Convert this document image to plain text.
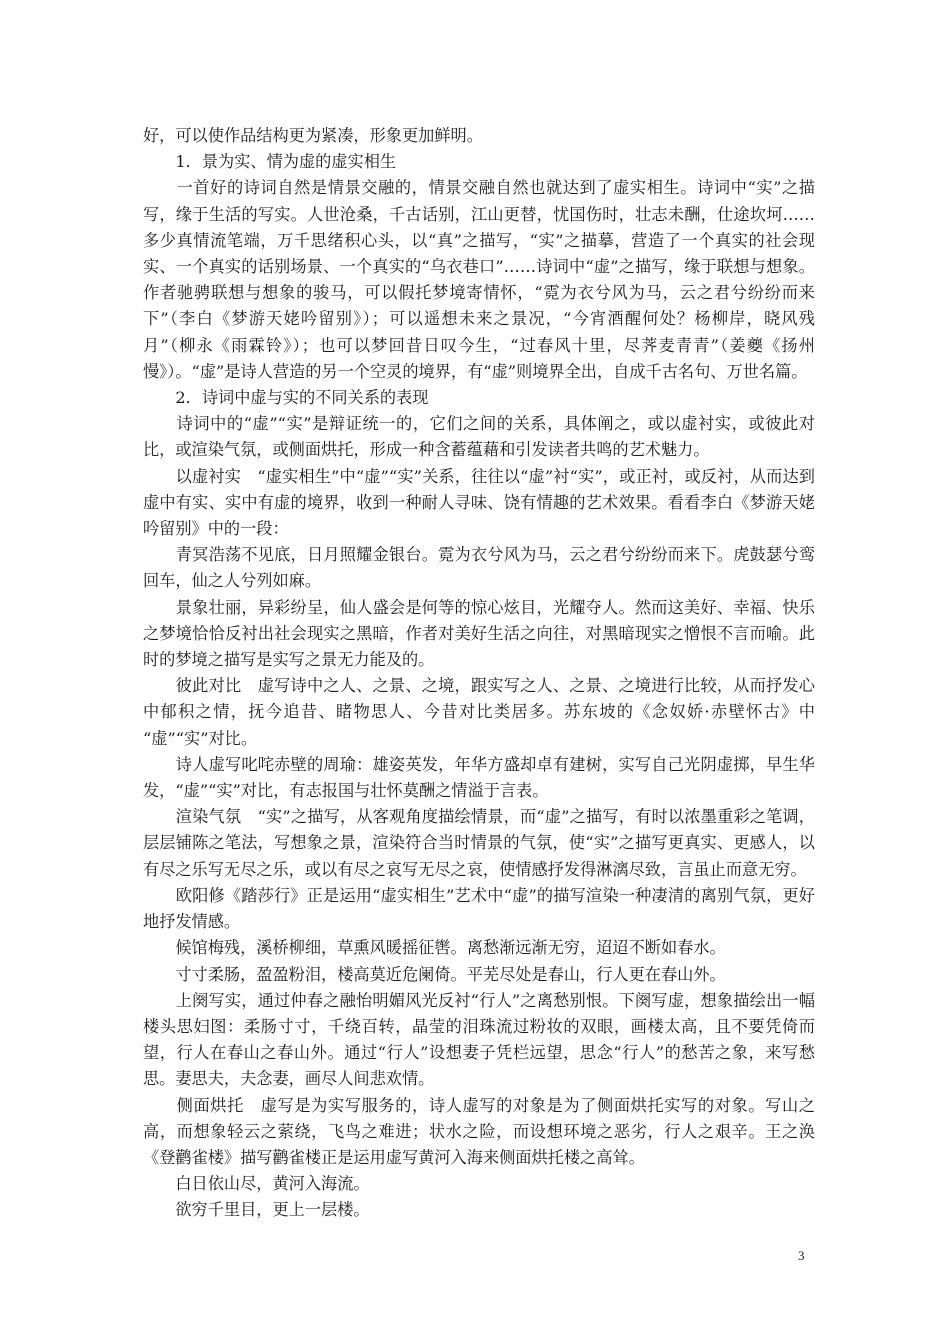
好，可以使作品结构更为紧凑，形象更加鲜明。

　　1．景为实、情为虚的虚实相生

　　一首好的诗词自然是情景交融的，情景交融自然也就达到了虚实相生。诗词中“实”之描写，缘于生活的写实。人世沧桑，千古话别，江山更替，忧国伤时，壮志未酬，仕途坎坷……多少真情流笔端，万千思绪积心头，以“真”之描写，“实”之描摹，营造了一个真实的社会现实、一个真实的话别场景、一个真实的“乌衣巷口”……诗词中“虚”之描写，缘于联想与想象。作者驰骋联想与想象的骏马，可以假托梦境寄情怀，“霓为衣兮风为马，云之君兮纷纷而来下”（李白《梦游天姥吟留别》）；可以遥想未来之景况，“今宵酒醒何处？杨柳岸，晓风残月”（柳永《雨霖铃》）；也可以梦回昔日叹今生，“过春风十里，尽荠麦青青”（姜夔《扬州慢》）。“虚”是诗人营造的另一个空灵的境界，有“虚”则境界全出，自成千古名句、万世名篇。

　　2．诗词中虚与实的不同关系的表现

　　诗词中的“虚”“实”是辩证统一的，它们之间的关系，具体阐之，或以虚衬实，或彼此对比，或渲染气氛，或侧面烘托，形成一种含蓄蕴藉和引发读者共鸣的艺术魅力。

　　以虚衬实　“虚实相生”中“虚”“实”关系，往往以“虚”衬“实”，或正衬，或反衬，从而达到虚中有实、实中有虚的境界，收到一种耐人寻味、饶有情趣的艺术效果。看看李白《梦游天姥吟留别》中的一段：

　　青冥浩荡不见底，日月照耀金银台。霓为衣兮风为马，云之君兮纷纷而来下。虎鼓瑟兮鸾回车，仙之人兮列如麻。

　　景象壮丽，异彩纷呈，仙人盛会是何等的惊心炫目，光耀夺人。然而这美好、幸福、快乐之梦境恰恰反衬出社会现实之黑暗，作者对美好生活之向往，对黑暗现实之憎恨不言而喻。此时的梦境之描写是实写之景无力能及的。

　　彼此对比　虚写诗中之人、之景、之境，跟实写之人、之景、之境进行比较，从而抒发心中郁积之情，抚今追昔、睹物思人、今昔对比类居多。苏东坡的《念奴娇·赤壁怀古》中 “虚”“实”对比。

　　诗人虚写叱咤赤壁的周瑜：雄姿英发，年华方盛却卓有建树，实写自己光阴虚掷，早生华发，“虚”“实”对比，有志报国与壮怀莫酬之情溢于言表。

　　渲染气氛　“实”之描写，从客观角度描绘情景，而“虚”之描写，有时以浓墨重彩之笔调，层层铺陈之笔法，写想象之景，渲染符合当时情景的气氛，使“实”之描写更真实、更感人，以有尽之乐写无尽之乐，或以有尽之哀写无尽之哀，使情感抒发得淋漓尽致，言虽止而意无穷。

　　欧阳修《踏莎行》正是运用“虚实相生”艺术中“虚”的描写渲染一种凄清的离别气氛，更好地抒发情感。

　　候馆梅残，溪桥柳细，草熏风暖摇征辔。离愁渐远渐无穷，迢迢不断如春水。

　　寸寸柔肠，盈盈粉泪，楼高莫近危阑倚。平芜尽处是春山，行人更在春山外。

　　上阕写实，通过仲春之融怡明媚风光反衬“行人”之离愁别恨。下阕写虚，想象描绘出一幅楼头思妇图：柔肠寸寸，千绕百转，晶莹的泪珠流过粉妆的双眼，画楼太高，且不要凭倚而望，行人在春山之春山外。通过“行人”设想妻子凭栏远望，思念“行人”的愁苦之象，来写愁思。妻思夫，夫念妻，画尽人间悲欢情。

　　侧面烘托　虚写是为实写服务的，诗人虚写的对象是为了侧面烘托实写的对象。写山之高，而想象轻云之萦绕，飞鸟之难进；状水之险，而设想环境之恶劣，行人之艰辛。王之涣《登鹳雀楼》描写鹳雀楼正是运用虚写黄河入海来侧面烘托楼之高耸。

　　白日依山尽，黄河入海流。

　　欲穷千里目，更上一层楼。

3
